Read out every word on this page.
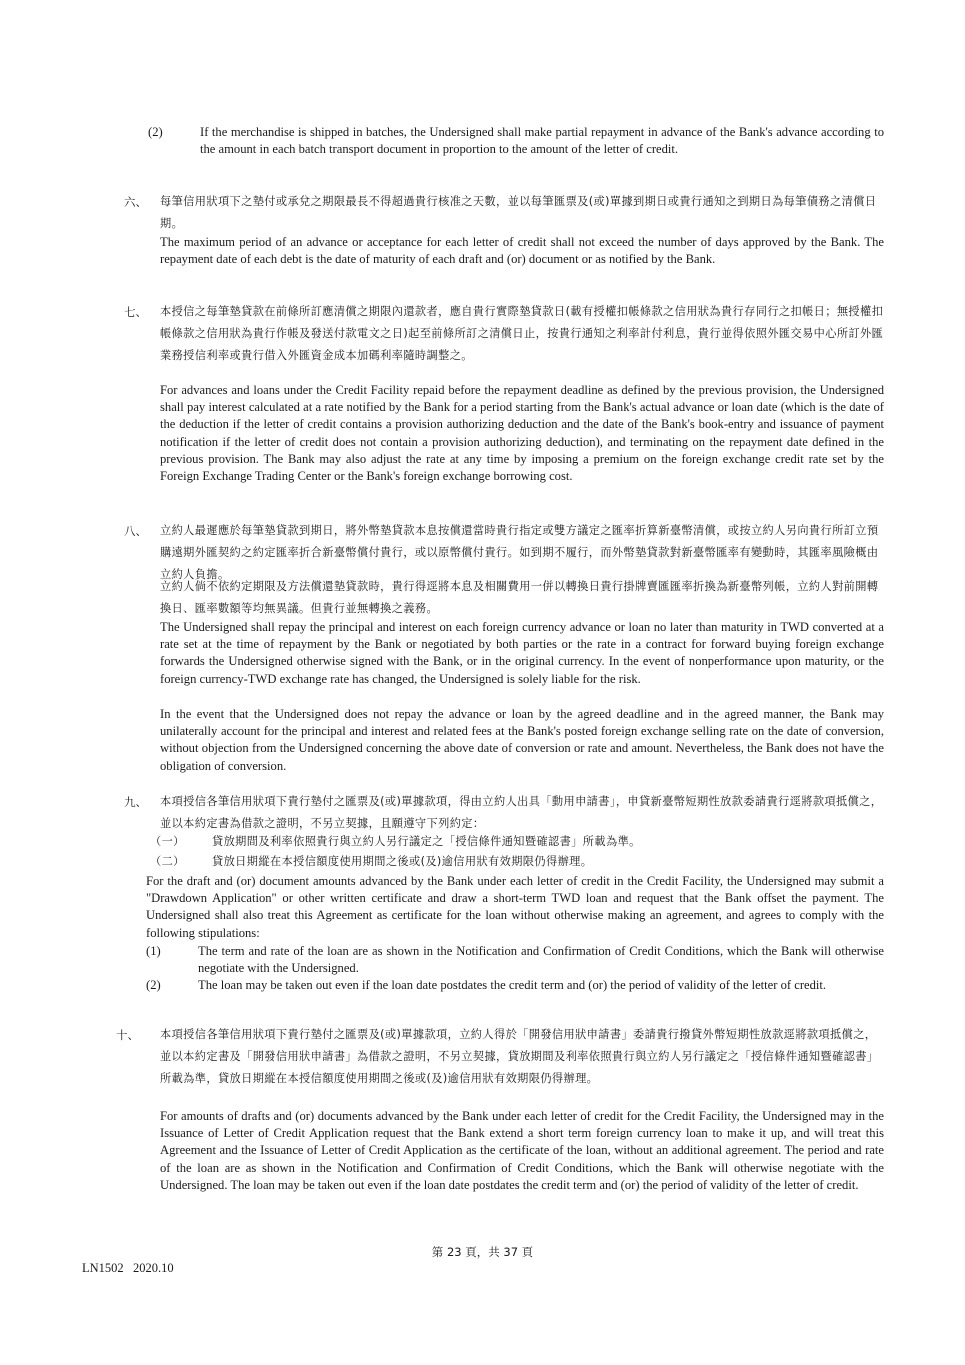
(2)	If the merchandise is shipped in batches, the Undersigned shall make partial repayment in advance of the Bank's advance according to the amount in each batch transport document in proportion to the amount of the letter of credit.
六、 每筆信用狀項下之墊付或承兌之期限最長不得超過貴行核准之天數，並以每筆匯票及(或)單據到期日或貴行通知之到期日為每筆債務之清償日期。
The maximum period of an advance or acceptance for each letter of credit shall not exceed the number of days approved by the Bank. The repayment date of each debt is the date of maturity of each draft and (or) document or as notified by the Bank.
七、 本授信之每筆墊貸款在前條所訂應清償之期限內還款者，應自貴行實際墊貸款日(載有授權扣帳條款之信用狀為貴行存同行之扣帳日；無授權扣帳條款之信用狀為貴行作帳及發送付款電文之日)起至前條所訂之清償日止，按貴行通知之利率計付利息，貴行並得依照外匯交易中心所訂外匯業務授信利率或貴行借入外匯資金成本加碼利率隨時調整之。
For advances and loans under the Credit Facility repaid before the repayment deadline as defined by the previous provision, the Undersigned shall pay interest calculated at a rate notified by the Bank for a period starting from the Bank's actual advance or loan date (which is the date of the deduction if the letter of credit contains a provision authorizing deduction and the date of the Bank's book-entry and issuance of payment notification if the letter of credit does not contain a provision authorizing deduction), and terminating on the repayment date defined in the previous provision. The Bank may also adjust the rate at any time by imposing a premium on the foreign exchange credit rate set by the Foreign Exchange Trading Center or the Bank's foreign exchange borrowing cost.
八、 立約人最遲應於每筆墊貸款到期日，將外幣墊貸款本息按償還當時貴行指定或雙方議定之匯率折算新臺幣清償，或按立約人另向貴行所訂立預購遠期外匯契約之約定匯率折合新臺幣償付貴行，或以原幣償付貴行。如到期不履行，而外幣墊貸款對新臺幣匯率有變動時，其匯率風險概由立約人負擔。
立約人倘不依約定期限及方法償還墊貸款時，貴行得逕將本息及相關費用一併以轉換日貴行掛牌賣匯匯率折換為新臺幣列帳，立約人對前開轉換日、匯率數額等均無異議。但貴行並無轉換之義務。
The Undersigned shall repay the principal and interest on each foreign currency advance or loan no later than maturity in TWD converted at a rate set at the time of repayment by the Bank or negotiated by both parties or the rate in a contract for forward buying foreign exchange forwards the Undersigned otherwise signed with the Bank, or in the original currency. In the event of nonperformance upon maturity, or the foreign currency-TWD exchange rate has changed, the Undersigned is solely liable for the risk.
In the event that the Undersigned does not repay the advance or loan by the agreed deadline and in the agreed manner, the Bank may unilaterally account for the principal and interest and related fees at the Bank's posted foreign exchange selling rate on the date of conversion, without objection from the Undersigned concerning the above date of conversion or rate and amount. Nevertheless, the Bank does not have the obligation of conversion.
九、 本項授信各筆信用狀項下貴行墊付之匯票及(或)單據款項，得由立約人出具「動用申請書」，申貸新臺幣短期性放款委請貴行逕將款項抵償之，並以本約定書為借款之證明，不另立契據，且願遵守下列約定：
（一）	貸放期間及利率依照貴行與立約人另行議定之「授信條件通知暨確認書」所載為準。
（二）	貸放日期縱在本授信額度使用期間之後或(及)逾信用狀有效期限仍得辦理。
For the draft and (or) document amounts advanced by the Bank under each letter of credit in the Credit Facility, the Undersigned may submit a "Drawdown Application" or other written certificate and draw a short-term TWD loan and request that the Bank offset the payment. The Undersigned shall also treat this Agreement as certificate for the loan without otherwise making an agreement, and agrees to comply with the following stipulations:
(1)	The term and rate of the loan are as shown in the Notification and Confirmation of Credit Conditions, which the Bank will otherwise negotiate with the Undersigned.
(2)	The loan may be taken out even if the loan date postdates the credit term and (or) the period of validity of the letter of credit.
十、 本項授信各筆信用狀項下貴行墊付之匯票及(或)單據款項，立約人得於「開發信用狀申請書」委請貴行撥貸外幣短期性放款逕將款項抵償之，並以本約定書及「開發信用狀申請書」為借款之證明，不另立契據，貸放期間及利率依照貴行與立約人另行議定之「授信條件通知暨確認書」所載為準，貸放日期縱在本授信額度使用期間之後或(及)逾信用狀有效期限仍得辦理。
For amounts of drafts and (or) documents advanced by the Bank under each letter of credit for the Credit Facility, the Undersigned may in the Issuance of Letter of Credit Application request that the Bank extend a short term foreign currency loan to make it up, and will treat this Agreement and the Issuance of Letter of Credit Application as the certificate of the loan, without an additional agreement. The period and rate of the loan are as shown in the Notification and Confirmation of Credit Conditions, which the Bank will otherwise negotiate with the Undersigned. The loan may be taken out even if the loan date postdates the credit term and (or) the period of validity of the letter of credit.
第 23 頁，共 37 頁
LN1502   2020.10
